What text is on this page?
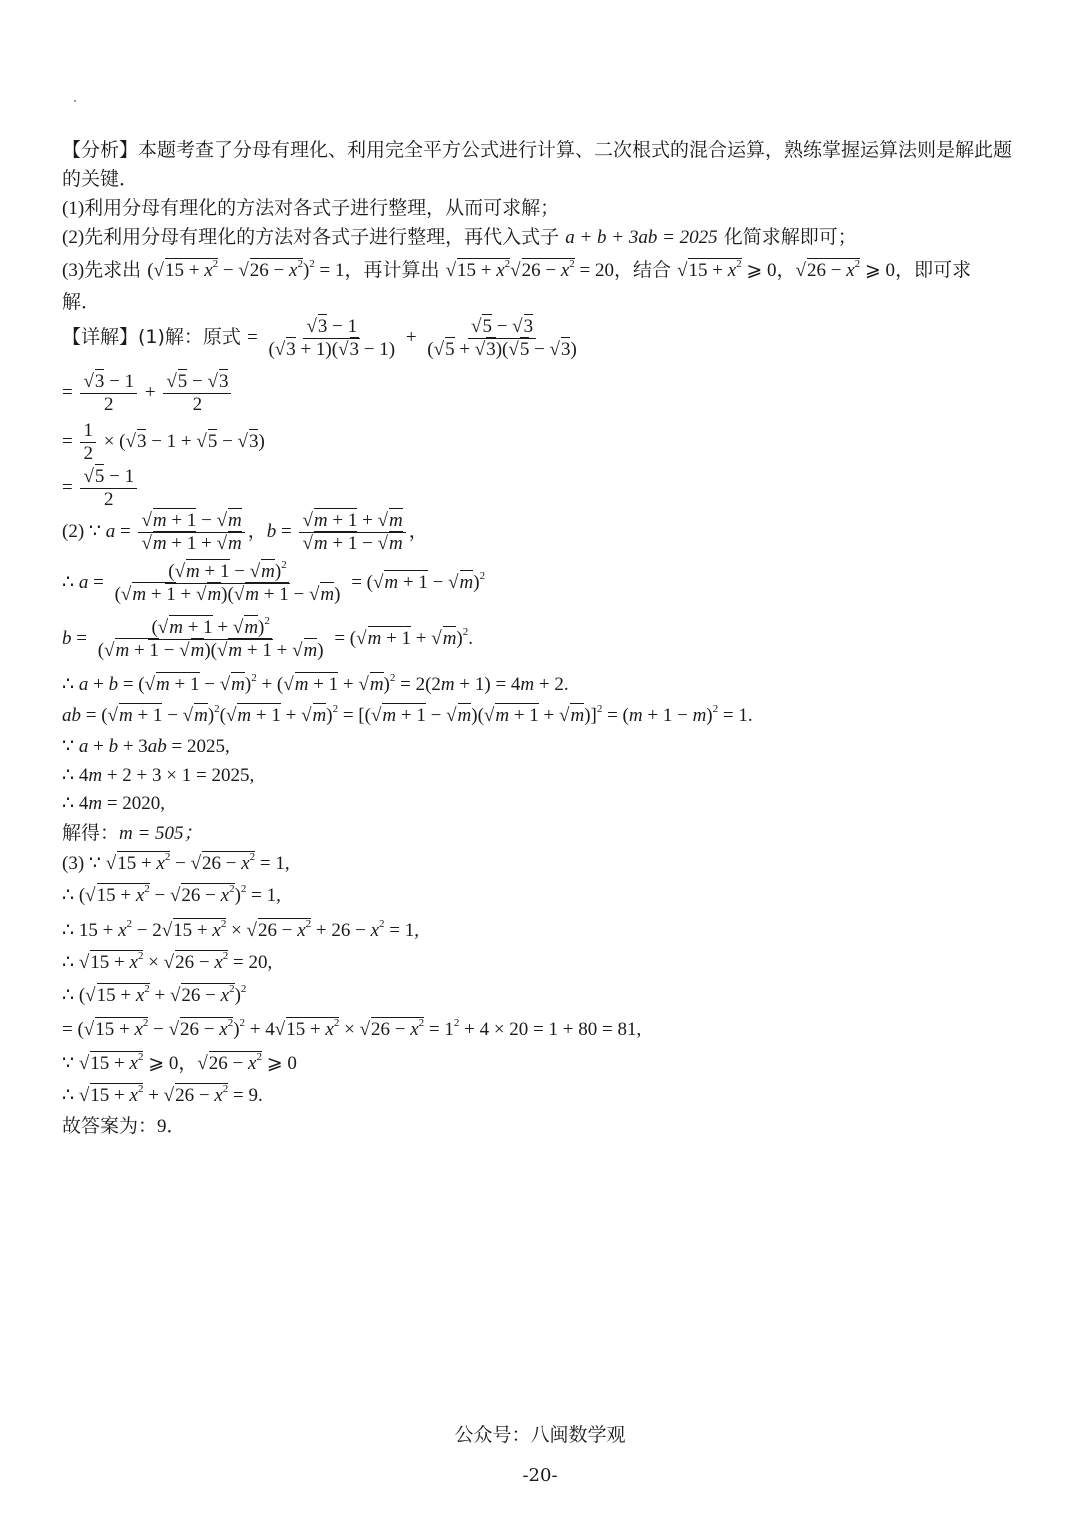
【分析】本题考查了分母有理化、利用完全平方公式进行计算、二次根式的混合运算，熟练掌握运算法则是解此题
的关键．
(1)利用分母有理化的方法对各式子进行整理，从而可求解；
(2)先利用分母有理化的方法对各式子进行整理，再代入式子 a + b + 3ab = 2025 化简求解即可；
(3)先求出 $(√15 + x^2 - √26 - x^2)^2 = 1$，再计算出 $√15 + x^2√26 - x^2 = 20$，结合 $√15 + x^2$ ⩾ 0，$√26 - x^2$ ⩾ 0，即可求
解．
【详解】(1)解：原式 = $\frac{√3 - 1}{(√3 + 1)(√3 - 1)} + \frac{√5 - √3}{(√5 + √3)(√5 - √3)}$
= $\frac{√3 - 1}{2} + \frac{√5 - √3}{2}$
= $\frac{1}{2} \times (√3 - 1 + √5 - √3)$
= $\frac{√5 - 1}{2}$
(2) ∵ $a = \frac{√m + 1 - √m}{√m + 1 + √m}$ ，$b = \frac{√m + 1 + √m}{√m + 1 - √m}$ ，
∴ $a = \frac{(√m + 1 - √m)^2}{(√m + 1 + √m)(√m + 1 - √m)} = (√m + 1 - √m)^2$
$b = \frac{(√m + 1 + √m)^2}{(√m + 1 - √m)(√m + 1 + √m)} = (√m + 1 + √m)^2$.
∴ $a + b = (√m + 1 - √m)^2 + (√m + 1 + √m)^2 = 2(2m + 1) = 4m + 2$.
ab = $(√m + 1 - √m)^2(√m + 1 + √m)^2 = [(√m + 1 - √m)(√m + 1 + √m)]^2 = (m + 1 - m)^2 = 1$.
∵ a + b + 3ab = 2025,
∴ 4m + 2 + 3 × 1 = 2025,
∴ 4m = 2020,
解得：m = 505；
(3) ∵ $√15 + x^2 - √26 - x^2 = 1$,
∴ $(√15 + x^2 - √26 - x^2)^2 = 1$,
∴ $15 + x^2 - 2√15 + x^2 \times √26 - x^2 + 26 - x^2 = 1$,
∴ $√15 + x^2 \times √26 - x^2 = 20$,
∴ $(√15 + x^2 + √26 - x^2)^2$
= $(√15 + x^2 - √26 - x^2)^2 + 4√15 + x^2 \times √26 - x^2 = 1^2 + 4 \times 20 = 1 + 80 = 81$,
∵ $√15 + x^2$ ⩾ 0，$√26 - x^2$ ⩾ 0
∴ $√15 + x^2 + √26 - x^2 = 9$.
故答案为：9．
公众号：八闽数学观
-20-
